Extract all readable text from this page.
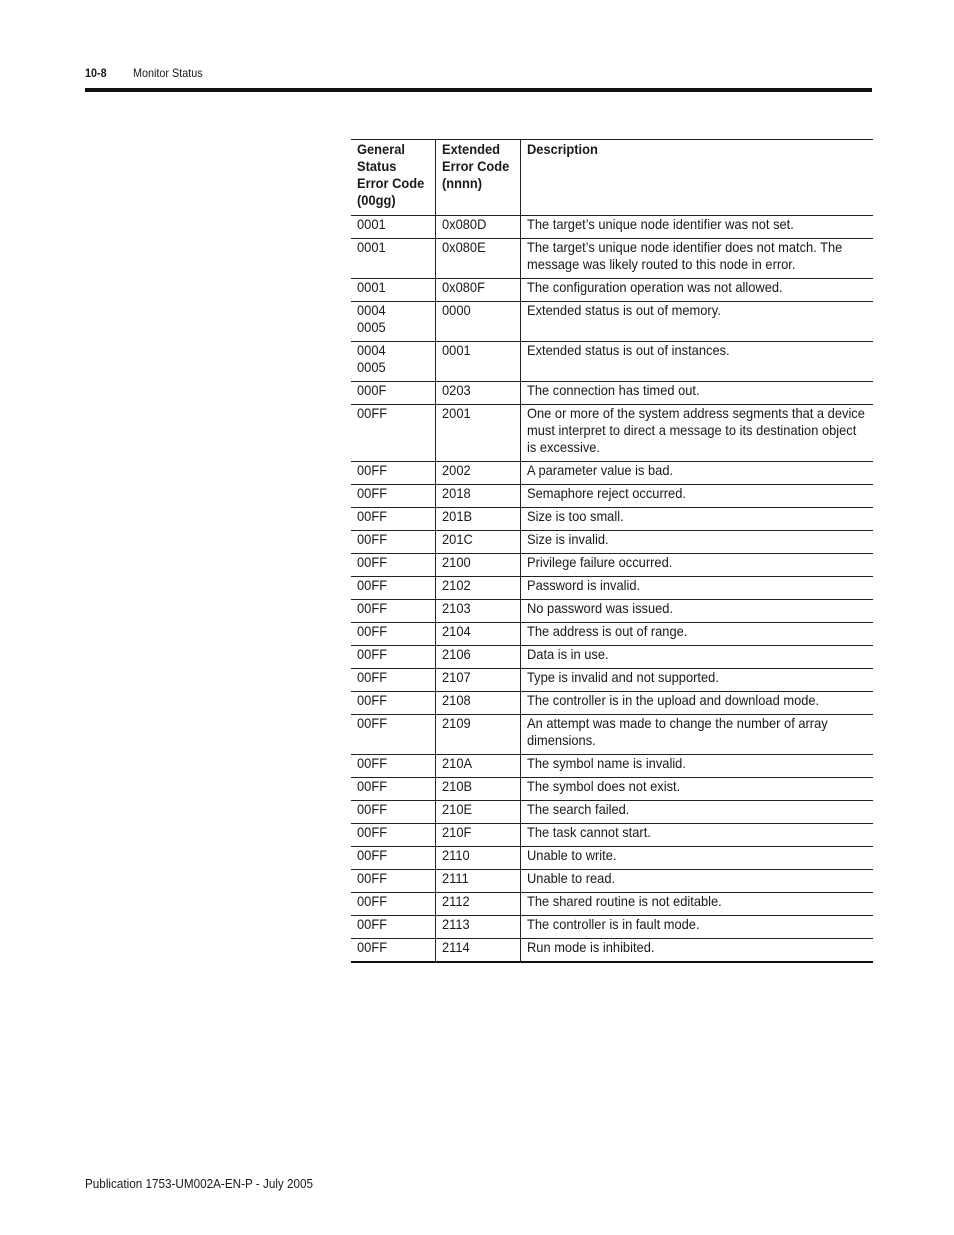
10-8 Monitor Status
General
Status
Error Code
(00gg)	Extended
Error Code
(nnnn)	Description
0001	0x080D	The target’s unique node identifier was not set.
0001	0x080E	The target’s unique node identifier does not match. The message was likely routed to this node in error.
0001	0x080F	The configuration operation was not allowed.
0004
0005	0000	Extended status is out of memory.
0004
0005	0001	Extended status is out of instances.
000F	0203	The connection has timed out.
00FF	2001	One or more of the system address segments that a device must interpret to direct a message to its destination object is excessive.
00FF	2002	A parameter value is bad.
00FF	2018	Semaphore reject occurred.
00FF	201B	Size is too small.
00FF	201C	Size is invalid.
00FF	2100	Privilege failure occurred.
00FF	2102	Password is invalid.
00FF	2103	No password was issued.
00FF	2104	The address is out of range.
00FF	2106	Data is in use.
00FF	2107	Type is invalid and not supported.
00FF	2108	The controller is in the upload and download mode.
00FF	2109	An attempt was made to change the number of array dimensions.
00FF	210A	The symbol name is invalid.
00FF	210B	The symbol does not exist.
00FF	210E	The search failed.
00FF	210F	The task cannot start.
00FF	2110	Unable to write.
00FF	2111	Unable to read.
00FF	2112	The shared routine is not editable.
00FF	2113	The controller is in fault mode.
00FF	2114	Run mode is inhibited.
Publication 1753-UM002A-EN-P - July 2005
